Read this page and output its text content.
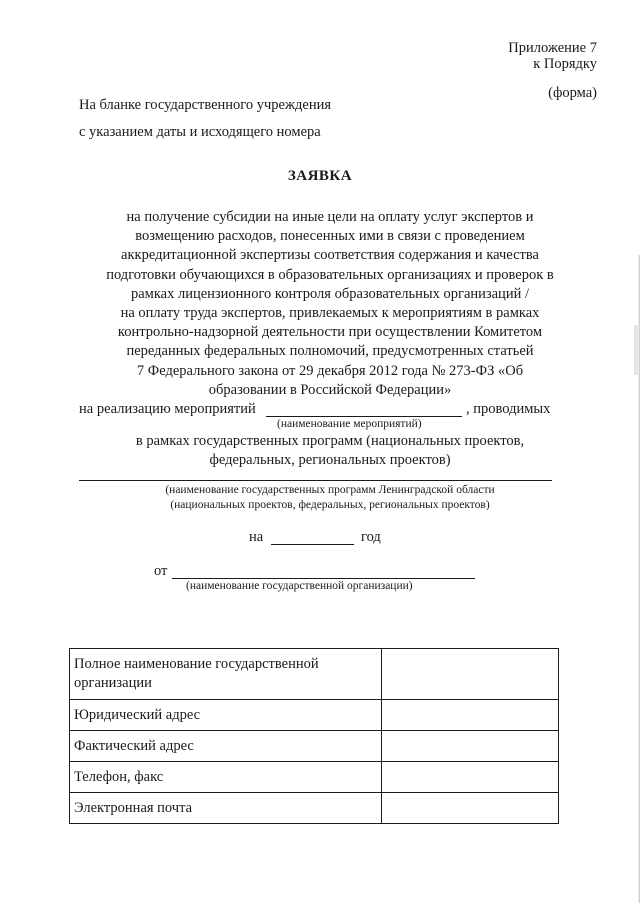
Приложение 7
к Порядку
(форма)
На бланке государственного учреждения
с указанием даты и исходящего номера
ЗАЯВКА
на получение субсидии на иные цели на оплату услуг экспертов и
возмещению расходов, понесенных ими в связи с проведением
аккредитационной экспертизы соответствия содержания и качества
подготовки обучающихся в образовательных организациях и проверок в
рамках лицензионного контроля образовательных организаций /
на оплату труда экспертов, привлекаемых к мероприятиям в рамках
контрольно-надзорной деятельности при осуществлении Комитетом
переданных федеральных полномочий, предусмотренных статьей
7 Федерального закона от 29 декабря 2012 года № 273-ФЗ «Об
образовании в Российской Федерации»
на реализацию мероприятий	, проводимых
(наименование мероприятий)
в рамках государственных программ (национальных проектов,
федеральных, региональных проектов)
(наименование государственных программ Ленинградской области
(национальных проектов, федеральных, региональных проектов)
на	год
от
(наименование государственной организации)
Полное наименование государственной организации	
Юридический адрес	
Фактический адрес	
Телефон, факс	
Электронная почта	
